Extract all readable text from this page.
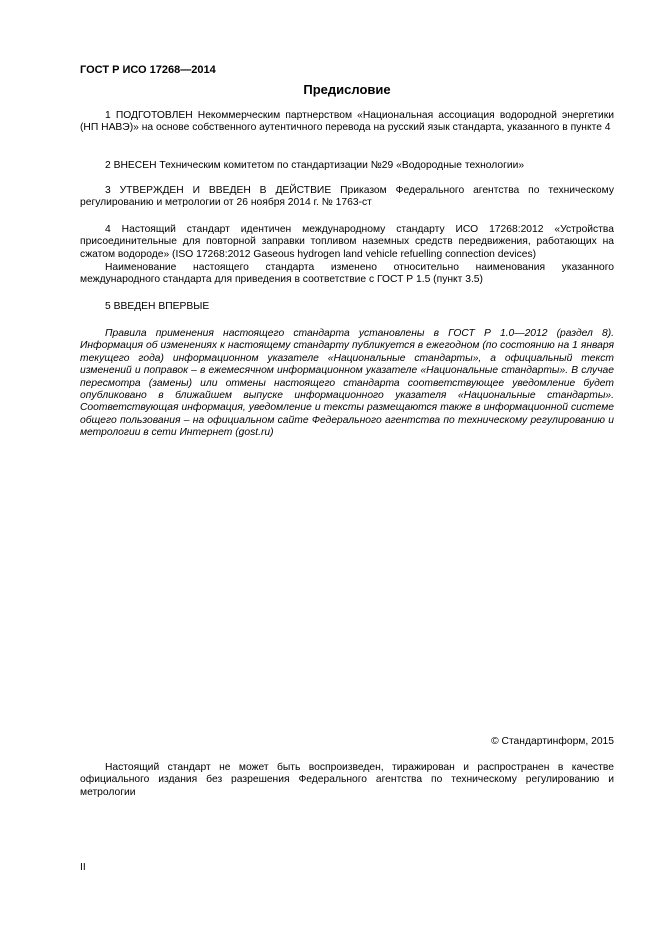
ГОСТ Р ИСО 17268—2014
Предисловие

1 ПОДГОТОВЛЕН Некоммерческим партнерством «Национальная ассоциация водородной энергетики (НП НАВЭ)» на основе собственного аутентичного перевода на русский язык стандарта, указанного в пункте 4

2 ВНЕСЕН Техническим комитетом по стандартизации №29 «Водородные технологии»

3 УТВЕРЖДЕН И ВВЕДЕН В ДЕЙСТВИЕ Приказом Федерального агентства по техническому регулированию и метрологии от 26 ноября 2014 г. № 1763-ст

4 Настоящий стандарт идентичен международному стандарту ИСО 17268:2012 «Устройства присоединительные для повторной заправки топливом наземных средств передвижения, работающих на сжатом водороде» (ISO 17268:2012 Gaseous hydrogen land vehicle refuelling connection devices)

Наименование настоящего стандарта изменено относительно наименования указанного международного стандарта для приведения в соответствие с ГОСТ Р 1.5 (пункт 3.5)

5 ВВЕДЕН ВПЕРВЫЕ

Правила применения настоящего стандарта установлены в ГОСТ Р 1.0—2012 (раздел 8). Информация об изменениях к настоящему стандарту публикуется в ежегодном (по состоянию на 1 января текущего года) информационном указателе «Национальные стандарты», а официальный текст изменений и поправок – в ежемесячном информационном указателе «Национальные стандарты». В случае пересмотра (замены) или отмены настоящего стандарта соответствующее уведомление будет опубликовано в ближайшем выпуске информационного указателя «Национальные стандарты». Соответствующая информация, уведомление и тексты размещаются также в информационной системе общего пользования – на официальном сайте Федерального агентства по техническому регулированию и метрологии в сети Интернет (gost.ru)

© Стандартинформ, 2015

Настоящий стандарт не может быть воспроизведен, тиражирован и распространен в качестве официального издания без разрешения Федерального агентства по техническому регулированию и метрологии

II
